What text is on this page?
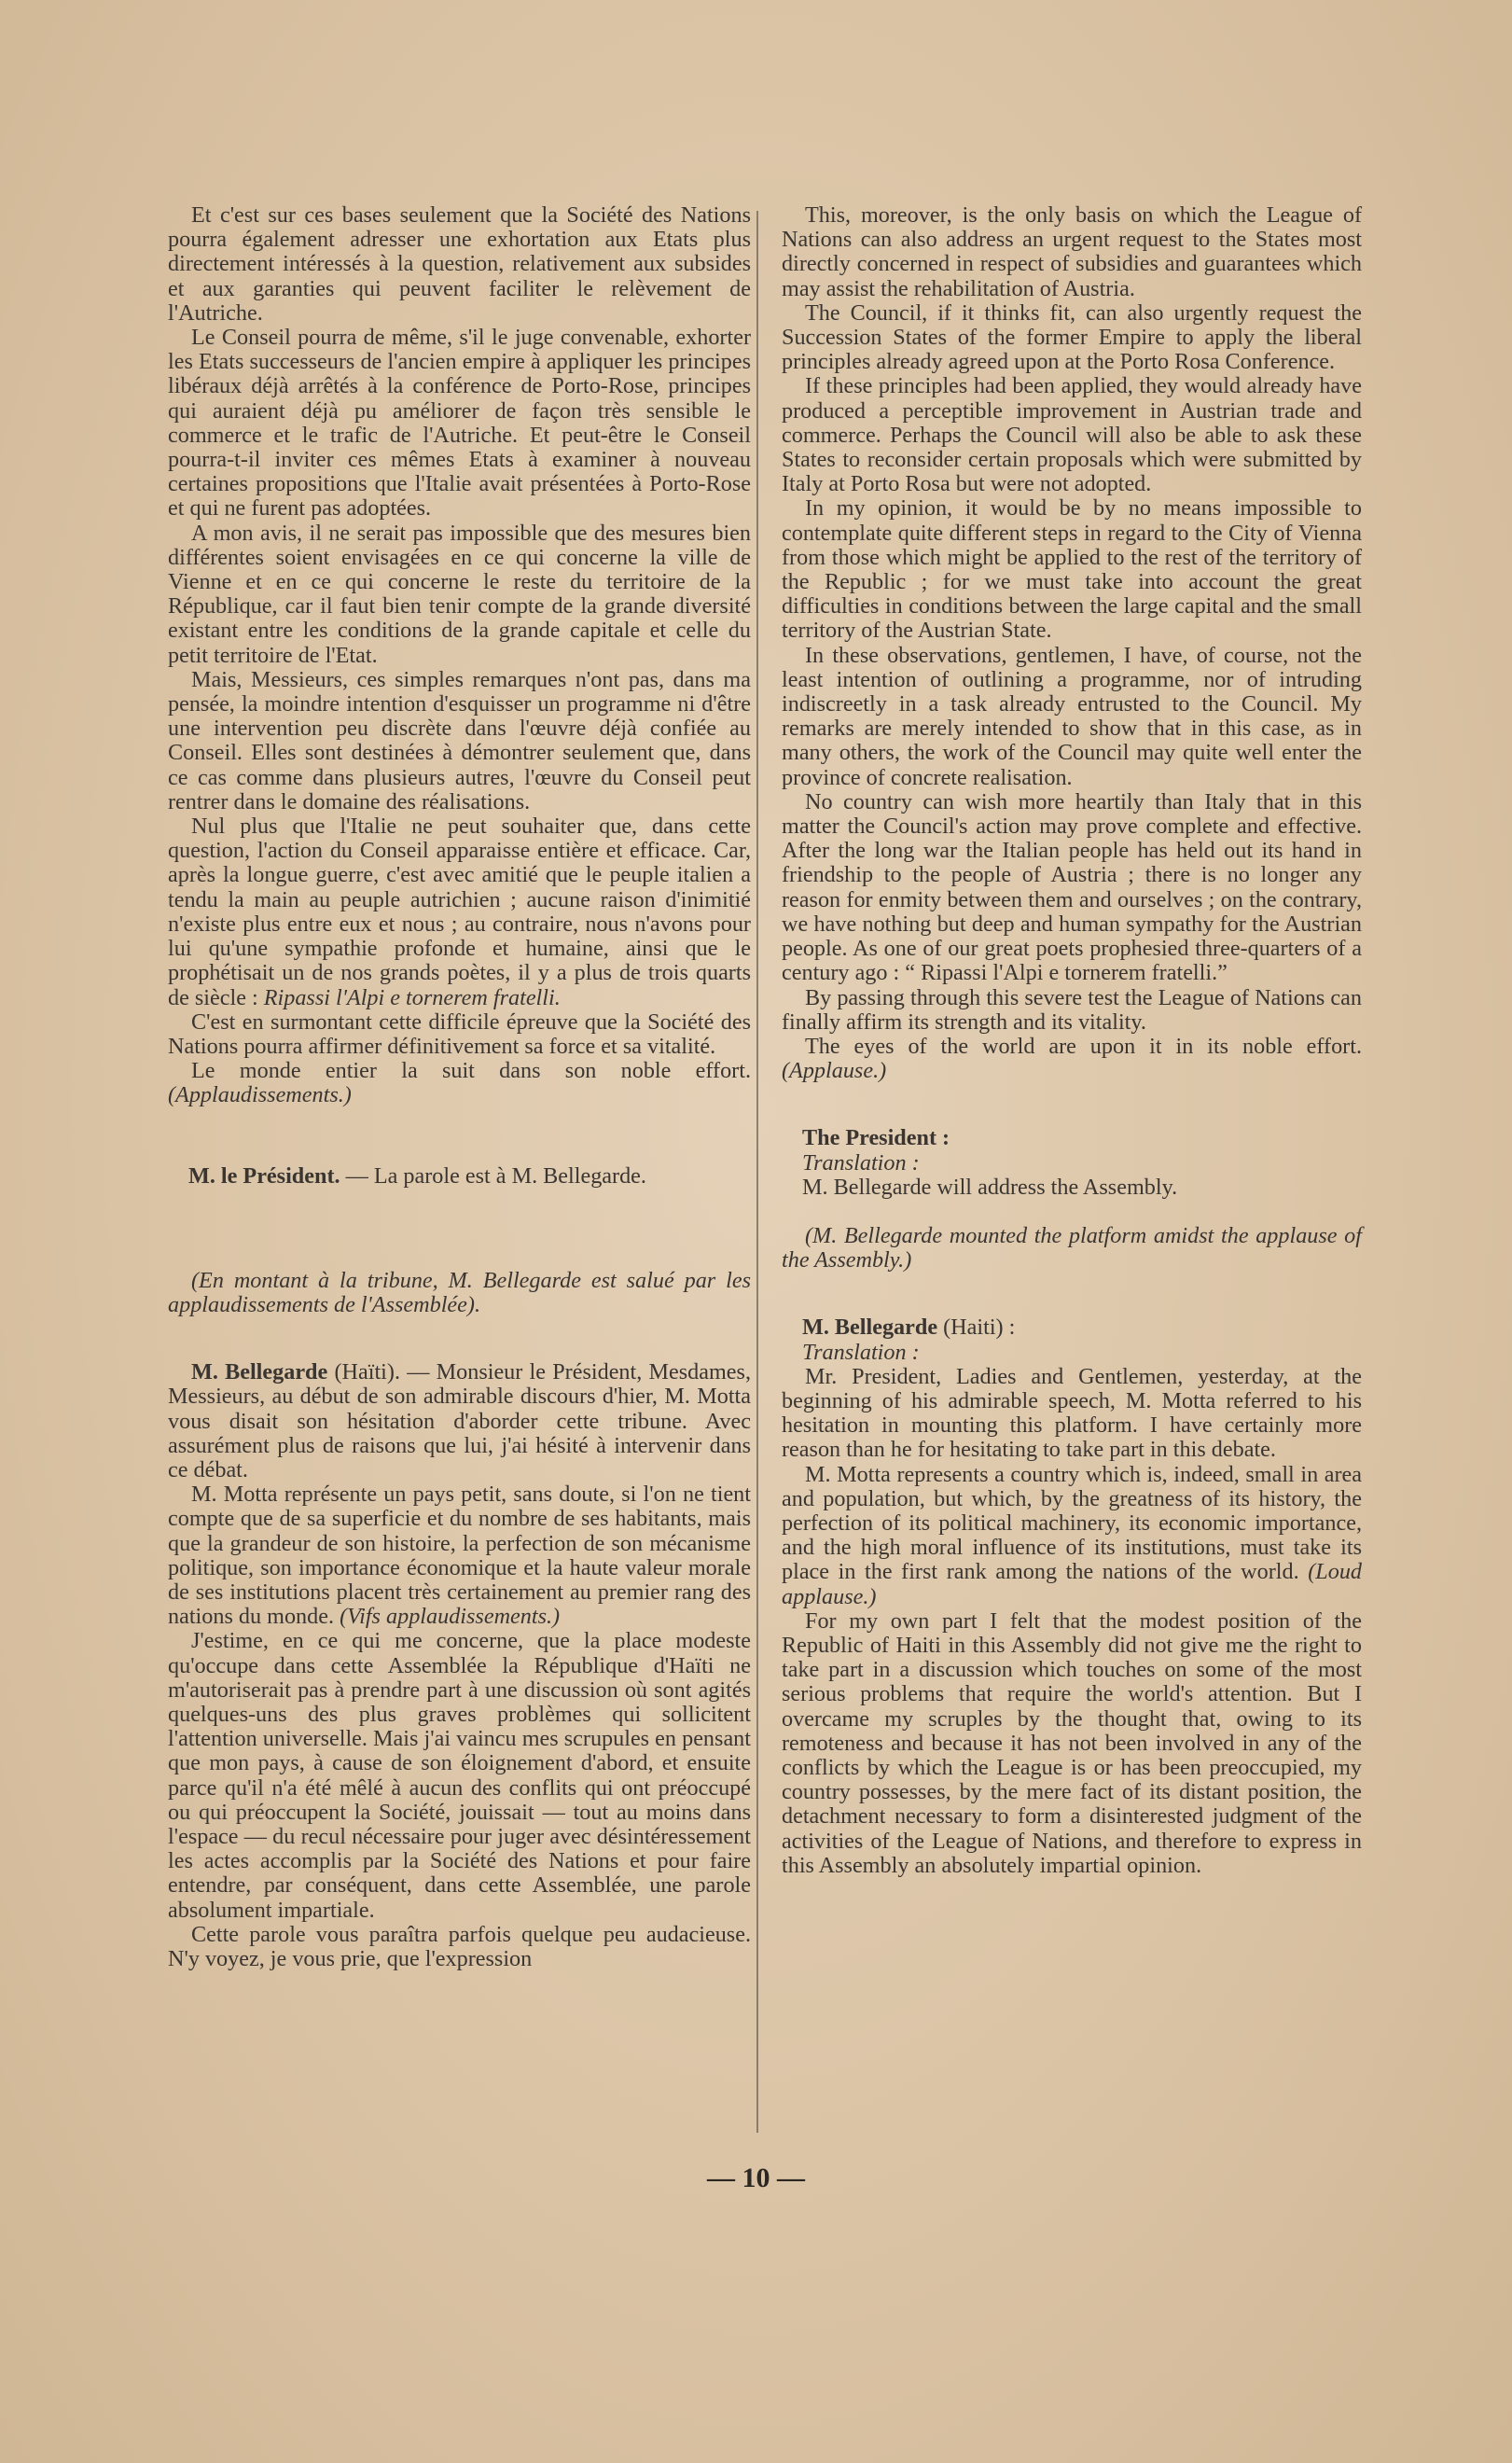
Et c'est sur ces bases seulement que la Société des Nations pourra également adresser une exhortation aux Etats plus directement intéressés à la question, relativement aux subsides et aux garanties qui peuvent faciliter le relèvement de l'Autriche.

Le Conseil pourra de même, s'il le juge convenable, exhorter les Etats successeurs de l'ancien empire à appliquer les principes libéraux déjà arrêtés à la conférence de Porto-Rose, principes qui auraient déjà pu améliorer de façon très sensible le commerce et le trafic de l'Autriche. Et peut-être le Conseil pourra-t-il inviter ces mêmes Etats à examiner à nouveau certaines propositions que l'Italie avait présentées à Porto-Rose et qui ne furent pas adoptées.

A mon avis, il ne serait pas impossible que des mesures bien différentes soient envisagées en ce qui concerne la ville de Vienne et en ce qui concerne le reste du territoire de la République, car il faut bien tenir compte de la grande diversité existant entre les conditions de la grande capitale et celle du petit territoire de l'Etat.

Mais, Messieurs, ces simples remarques n'ont pas, dans ma pensée, la moindre intention d'esquisser un programme ni d'être une intervention peu discrète dans l'œuvre déjà confiée au Conseil. Elles sont destinées à démontrer seulement que, dans ce cas comme dans plusieurs autres, l'œuvre du Conseil peut rentrer dans le domaine des réalisations.

Nul plus que l'Italie ne peut souhaiter que, dans cette question, l'action du Conseil apparaisse entière et efficace. Car, après la longue guerre, c'est avec amitié que le peuple italien a tendu la main au peuple autrichien ; aucune raison d'inimitié n'existe plus entre eux et nous ; au contraire, nous n'avons pour lui qu'une sympathie profonde et humaine, ainsi que le prophétisait un de nos grands poètes, il y a plus de trois quarts de siècle : Ripassi l'Alpi e tornerem fratelli.

C'est en surmontant cette difficile épreuve que la Société des Nations pourra affirmer définitivement sa force et sa vitalité.

Le monde entier la suit dans son noble effort. (Applaudissements.)

M. le Président. — La parole est à M. Bellegarde.

(En montant à la tribune, M. Bellegarde est salué par les applaudissements de l'Assemblée).

M. Bellegarde (Haïti). — Monsieur le Président, Mesdames, Messieurs, au début de son admirable discours d'hier, M. Motta vous disait son hésitation d'aborder cette tribune. Avec assurément plus de raisons que lui, j'ai hésité à intervenir dans ce débat.

M. Motta représente un pays petit, sans doute, si l'on ne tient compte que de sa superficie et du nombre de ses habitants, mais que la grandeur de son histoire, la perfection de son mécanisme politique, son importance économique et la haute valeur morale de ses institutions placent très certainement au premier rang des nations du monde. (Vifs applaudissements.)

J'estime, en ce qui me concerne, que la place modeste qu'occupe dans cette Assemblée la République d'Haïti ne m'autoriserait pas à prendre part à une discussion où sont agités quelques-uns des plus graves problèmes qui sollicitent l'attention universelle. Mais j'ai vaincu mes scrupules en pensant que mon pays, à cause de son éloignement d'abord, et ensuite parce qu'il n'a été mêlé à aucun des conflits qui ont préoccupé ou qui préoccupent la Société, jouissait — tout au moins dans l'espace — du recul nécessaire pour juger avec désintéressement les actes accomplis par la Société des Nations et pour faire entendre, par conséquent, dans cette Assemblée, une parole absolument impartiale.

Cette parole vous paraîtra parfois quelque peu audacieuse. N'y voyez, je vous prie, que l'expression

This, moreover, is the only basis on which the League of Nations can also address an urgent request to the States most directly concerned in respect of subsidies and guarantees which may assist the rehabilitation of Austria.

The Council, if it thinks fit, can also urgently request the Succession States of the former Empire to apply the liberal principles already agreed upon at the Porto Rosa Conference.

If these principles had been applied, they would already have produced a perceptible improvement in Austrian trade and commerce. Perhaps the Council will also be able to ask these States to reconsider certain proposals which were submitted by Italy at Porto Rosa but were not adopted.

In my opinion, it would be by no means impossible to contemplate quite different steps in regard to the City of Vienna from those which might be applied to the rest of the territory of the Republic ; for we must take into account the great difficulties in conditions between the large capital and the small territory of the Austrian State.

In these observations, gentlemen, I have, of course, not the least intention of outlining a programme, nor of intruding indiscreetly in a task already entrusted to the Council. My remarks are merely intended to show that in this case, as in many others, the work of the Council may quite well enter the province of concrete realisation.

No country can wish more heartily than Italy that in this matter the Council's action may prove complete and effective. After the long war the Italian people has held out its hand in friendship to the people of Austria ; there is no longer any reason for enmity between them and ourselves ; on the contrary, we have nothing but deep and human sympathy for the Austrian people. As one of our great poets prophesied three-quarters of a century ago : “ Ripassi l'Alpi e tornerem fratelli.”

By passing through this severe test the League of Nations can finally affirm its strength and its vitality.

The eyes of the world are upon it in its noble effort. (Applause.)

The President :

Translation :

M. Bellegarde will address the Assembly.

(M. Bellegarde mounted the platform amidst the applause of the Assembly.)

M. Bellegarde (Haiti) :

Translation :

Mr. President, Ladies and Gentlemen, yesterday, at the beginning of his admirable speech, M. Motta referred to his hesitation in mounting this platform. I have certainly more reason than he for hesitating to take part in this debate.

M. Motta represents a country which is, indeed, small in area and population, but which, by the greatness of its history, the perfection of its political machinery, its economic importance, and the high moral influence of its institutions, must take its place in the first rank among the nations of the world. (Loud applause.)

For my own part I felt that the modest position of the Republic of Haiti in this Assembly did not give me the right to take part in a discussion which touches on some of the most serious problems that require the world's attention. But I overcame my scruples by the thought that, owing to its remoteness and because it has not been involved in any of the conflicts by which the League is or has been preoccupied, my country possesses, by the mere fact of its distant position, the detachment necessary to form a disinterested judgment of the activities of the League of Nations, and therefore to express in this Assembly an absolutely impartial opinion.

— 10 —
